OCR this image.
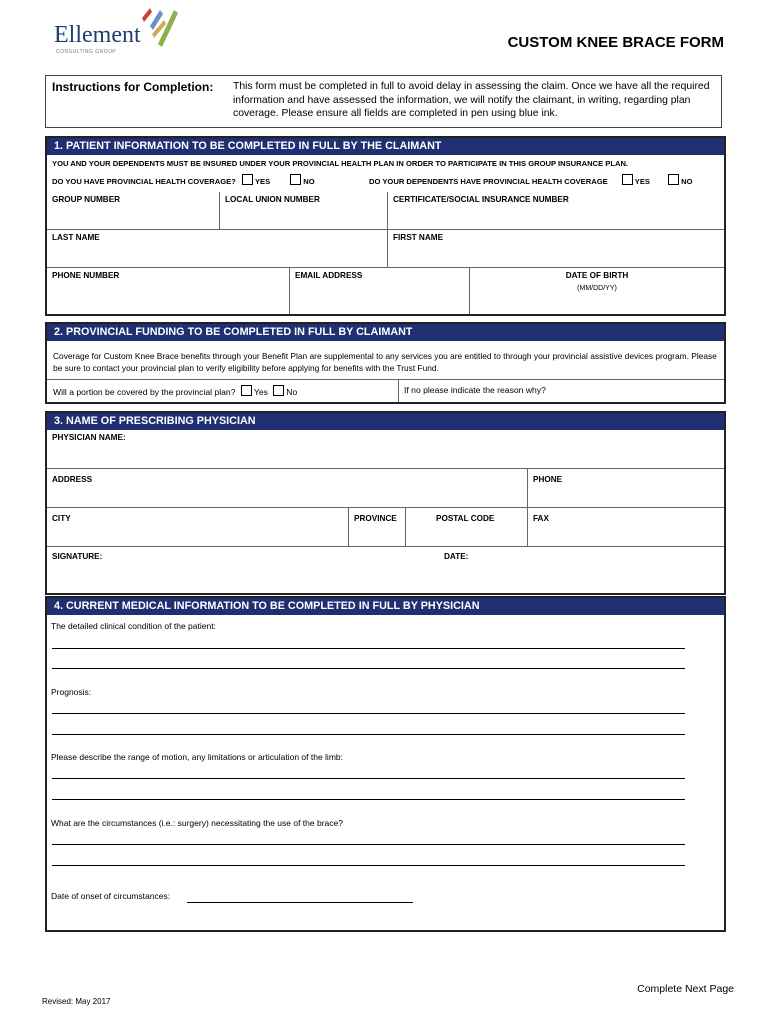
Ellement
CONSULTING GROUP
CUSTOM KNEE BRACE FORM
Instructions for Completion: This form must be completed in full to avoid delay in assessing the claim. Once we have all the required information and have assessed the information, we will notify the claimant, in writing, regarding plan coverage. Please ensure all fields are completed in pen using blue ink.
1. PATIENT INFORMATION TO BE COMPLETED IN FULL BY THE CLAIMANT
YOU AND YOUR DEPENDENTS MUST BE INSURED UNDER YOUR PROVINCIAL HEALTH PLAN IN ORDER TO PARTICIPATE IN THIS GROUP INSURANCE PLAN.
DO YOU HAVE PROVINCIAL HEALTH COVERAGE?	YES	NO	DO YOUR DEPENDENTS HAVE PROVINCIAL HEALTH COVERAGE	YES	NO
GROUP NUMBER	LOCAL UNION NUMBER	CERTIFICATE/SOCIAL INSURANCE NUMBER
LAST NAME	FIRST NAME
PHONE NUMBER	EMAIL ADDRESS	DATE OF BIRTH
(MM/DD/YY)
2. PROVINCIAL FUNDING TO BE COMPLETED IN FULL BY CLAIMANT
Coverage for Custom Knee Brace benefits through your Benefit Plan are supplemental to any services you are entitled to through your provincial assistive devices program. Please be sure to contact your provincial plan to verify eligibility before applying for benefits with the Trust Fund.
Will a portion be covered by the provincial plan? Yes No	If no please indicate the reason why?
3. NAME OF PRESCRIBING PHYSICIAN
PHYSICIAN NAME:
ADDRESS	PHONE
CITY	PROVINCE	POSTAL CODE	FAX
SIGNATURE:	DATE:
4. CURRENT MEDICAL INFORMATION TO BE COMPLETED IN FULL BY PHYSICIAN
The detailed clinical condition of the patient:
Prognosis:
Please describe the range of motion, any limitations or articulation of the limb:
What are the circumstances (i.e.: surgery) necessitating the use of the brace?
Date of onset of circumstances:
Complete Next Page
Revised: May 2017
